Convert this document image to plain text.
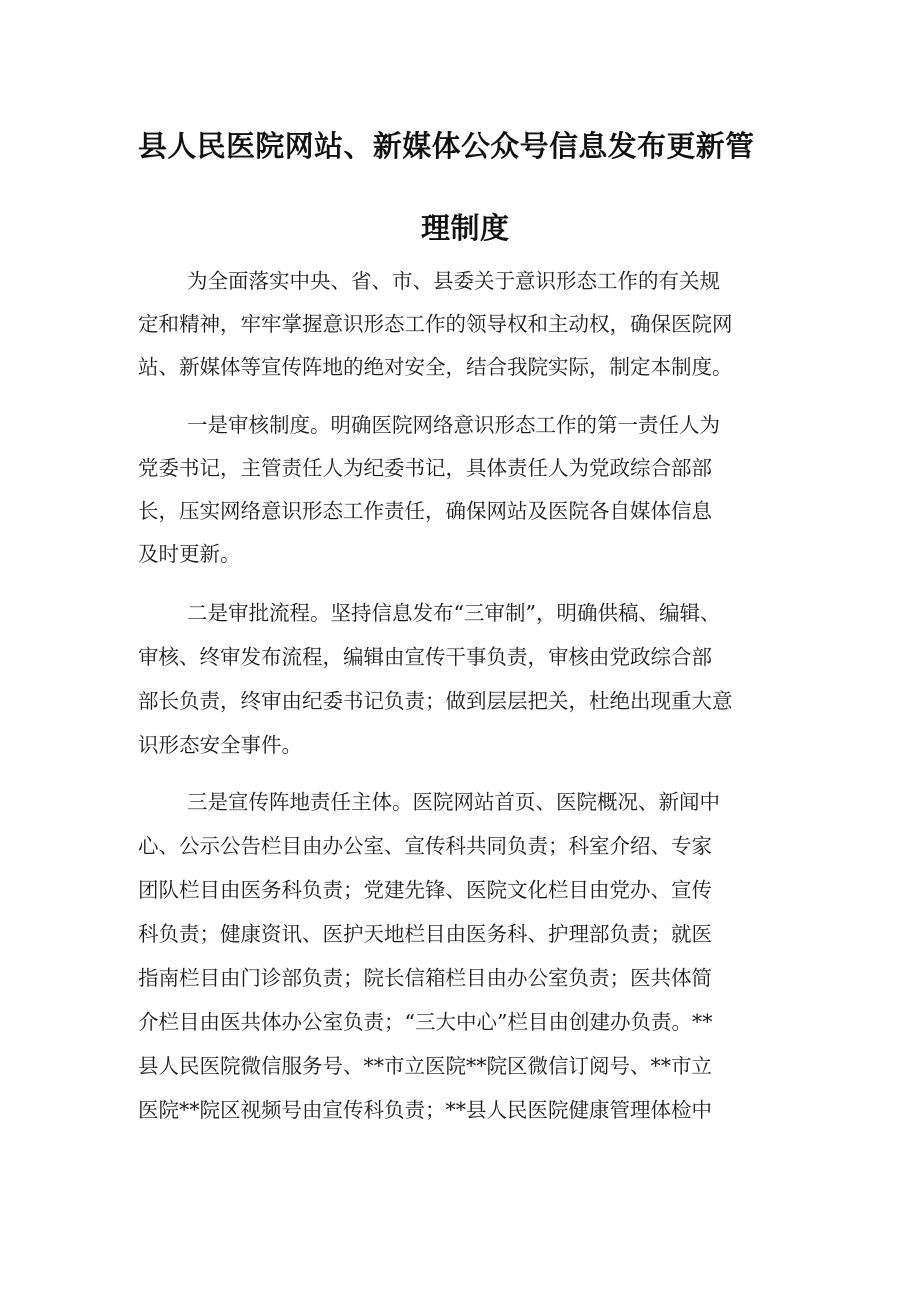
县人民医院网站、新媒体公众号信息发布更新管
理制度
为全面落实中央、省、市、县委关于意识形态工作的有关规
定和精神，牢牢掌握意识形态工作的领导权和主动权，确保医院网
站、新媒体等宣传阵地的绝对安全，结合我院实际，制定本制度。
一是审核制度。明确医院网络意识形态工作的第一责任人为
党委书记，主管责任人为纪委书记，具体责任人为党政综合部部
长，压实网络意识形态工作责任，确保网站及医院各自媒体信息
及时更新。
二是审批流程。坚持信息发布“三审制”，明确供稿、编辑、
审核、终审发布流程，编辑由宣传干事负责，审核由党政综合部
部长负责，终审由纪委书记负责；做到层层把关，杜绝出现重大意
识形态安全事件。
三是宣传阵地责任主体。医院网站首页、医院概况、新闻中
心、公示公告栏目由办公室、宣传科共同负责；科室介绍、专家
团队栏目由医务科负责；党建先锋、医院文化栏目由党办、宣传
科负责；健康资讯、医护天地栏目由医务科、护理部负责；就医
指南栏目由门诊部负责；院长信箱栏目由办公室负责；医共体简
介栏目由医共体办公室负责；“三大中心”栏目由创建办负责。**
县人民医院微信服务号、**市立医院**院区微信订阅号、**市立
医院**院区视频号由宣传科负责；**县人民医院健康管理体检中
